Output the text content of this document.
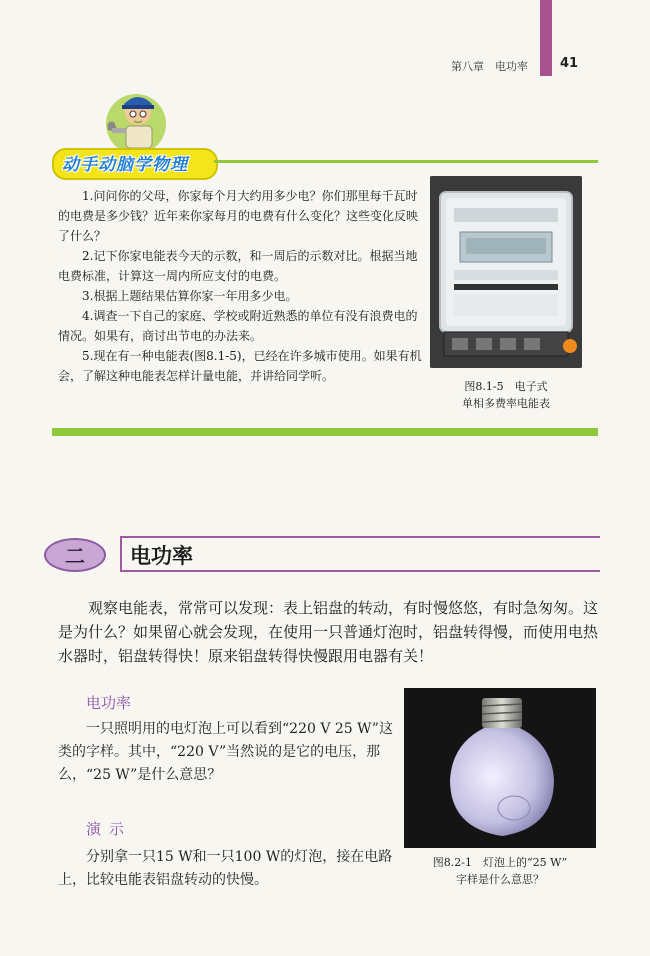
第八章　电功率 41
动手动脑学物理

1.问问你的父母，你家每个月大约用多少电？你们那里每千瓦时的电费是多少钱？近年来你家每月的电费有什么变化？这些变化反映了什么？

2.记下你家电能表今天的示数，和一周后的示数对比。根据当地电费标准，计算这一周内所应支付的电费。

3.根据上题结果估算你家一年用多少电。

4.调查一下自己的家庭、学校或附近熟悉的单位有没有浪费电的情况。如果有，商讨出节电的办法来。

5.现在有一种电能表(图8.1-5)，已经在许多城市使用。如果有机会，了解这种电能表怎样计量电能，并讲给同学听。

图8.1-5　电子式
单相多费率电能表
二	电功率

观察电能表，常常可以发现：表上铝盘的转动，有时慢悠悠，有时急匆匆。这是为什么？如果留心就会发现，在使用一只普通灯泡时，铝盘转得慢，而使用电热水器时，铝盘转得快！原来铝盘转得快慢跟用电器有关！

电功率

一只照明用的电灯泡上可以看到“220 V 25 W”这类的字样。其中，“220 V”当然说的是它的电压，那么，“25 W”是什么意思？

演示

分别拿一只15 W和一只100 W的灯泡，接在电路上，比较电能表铝盘转动的快慢。

图8.2-1　灯泡上的“25 W”
字样是什么意思？
